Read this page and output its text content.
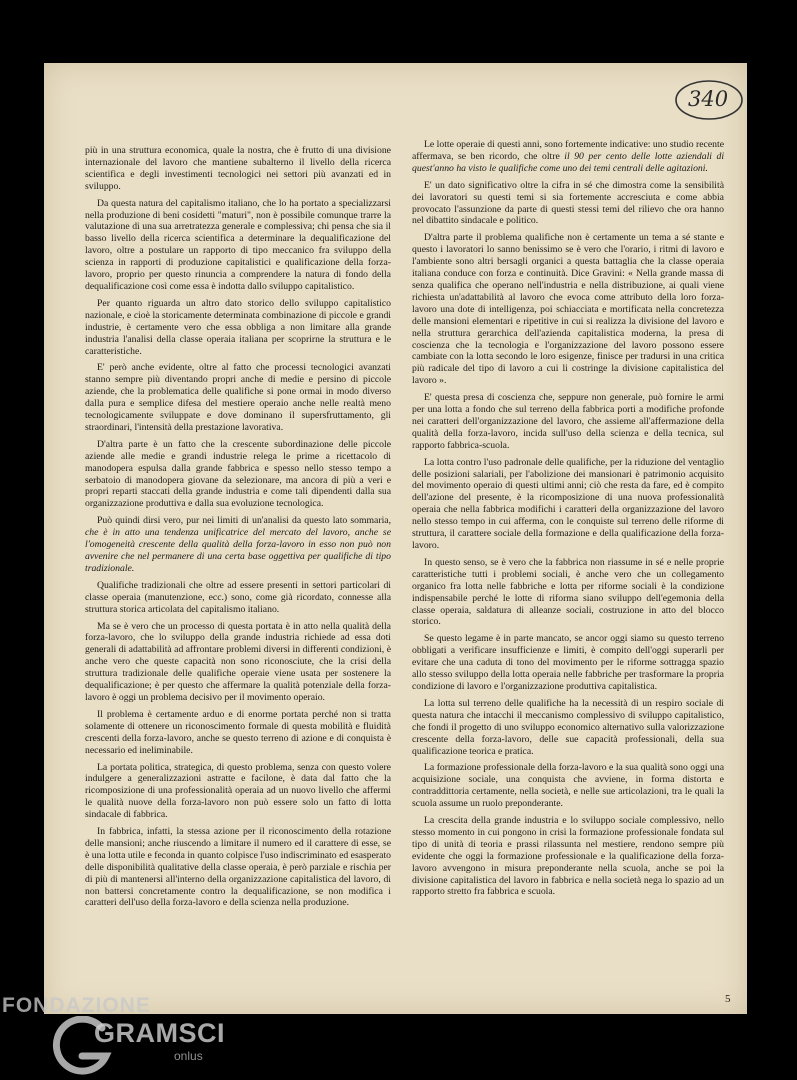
340

più in una struttura economica, quale la nostra, che è frutto di una divisione internazionale del lavoro che mantiene subalterno il livello della ricerca scientifica e degli investimenti tecnologici nei settori più avanzati ed in sviluppo.

Da questa natura del capitalismo italiano, che lo ha portato a specializzarsi nella produzione di beni cosidetti "maturi", non è possibile comunque trarre la valutazione di una sua arretratezza generale e complessiva; chi pensa che sia il basso livello della ricerca scientifica a determinare la dequalificazione del lavoro, oltre a postulare un rapporto di tipo meccanico fra sviluppo della scienza in rapporti di produzione capitalistici e qualificazione della forza-lavoro, proprio per questo rinuncia a comprendere la natura di fondo della dequalificazione così come essa è indotta dallo sviluppo capitalistico.

Per quanto riguarda un altro dato storico dello sviluppo capitalistico nazionale, e cioè la storicamente determinata combinazione di piccole e grandi industrie, è certamente vero che essa obbliga a non limitare alla grande industria l'analisi della classe operaia italiana per scoprirne la struttura e le caratteristiche.

E' però anche evidente, oltre al fatto che processi tecnologici avanzati stanno sempre più diventando propri anche di medie e persino di piccole aziende, che la problematica delle qualifiche si pone ormai in modo diverso dalla pura e semplice difesa del mestiere operaio anche nelle realtà meno tecnologicamente sviluppate e dove dominano il supersfruttamento, gli straordinari, l'intensità della prestazione lavorativa.

D'altra parte è un fatto che la crescente subordinazione delle piccole aziende alle medie e grandi industrie relega le prime a ricettacolo di manodopera espulsa dalla grande fabbrica e spesso nello stesso tempo a serbatoio di manodopera giovane da selezionare, ma ancora di più a veri e propri reparti staccati della grande industria e come tali dipendenti dalla sua organizzazione produttiva e dalla sua evoluzione tecnologica.

Può quindi dirsi vero, pur nei limiti di un'analisi da questo lato sommaria, che è in atto una tendenza unificatrice del mercato del lavoro, anche se l'omogeneità crescente della qualità della forza-lavoro in esso non può non avvenire che nel permanere di una certa base oggettiva per qualifiche di tipo tradizionale.

Qualifiche tradizionali che oltre ad essere presenti in settori particolari di classe operaia (manutenzione, ecc.) sono, come già ricordato, connesse alla struttura storica articolata del capitalismo italiano.

Ma se è vero che un processo di questa portata è in atto nella qualità della forza-lavoro, che lo sviluppo della grande industria richiede ad essa doti generali di adattabilità ad affrontare problemi diversi in differenti condizioni, è anche vero che queste capacità non sono riconosciute, che la crisi della struttura tradizionale delle qualifiche operaie viene usata per sostenere la dequalificazione; è per questo che affermare la qualità potenziale della forza-lavoro è oggi un problema decisivo per il movimento operaio.

Il problema è certamente arduo e di enorme portata perché non si tratta solamente di ottenere un riconoscimento formale di questa mobilità e fluidità crescenti della forza-lavoro, anche se questo terreno di azione e di conquista è necessario ed ineliminabile.

La portata politica, strategica, di questo problema, senza con questo volere indulgere a generalizzazioni astratte e facilone, è data dal fatto che la ricomposizione di una professionalità operaia ad un nuovo livello che affermi le qualità nuove della forza-lavoro non può essere solo un fatto di lotta sindacale di fabbrica.

In fabbrica, infatti, la stessa azione per il riconoscimento della rotazione delle mansioni; anche riuscendo a limitare il numero ed il carattere di esse, se è una lotta utile e feconda in quanto colpisce l'uso indiscriminato ed esasperato delle disponibilità qualitative della classe operaia, è però parziale e rischia per di più di mantenersi all'interno della organizzazione capitalistica del lavoro, di non battersi concretamente contro la dequalificazione, se non modifica i caratteri dell'uso della forza-lavoro e della scienza nella produzione.

Le lotte operaie di questi anni, sono fortemente indicative: uno studio recente affermava, se ben ricordo, che oltre il 90 per cento delle lotte aziendali di quest'anno ha visto le qualifiche come uno dei temi centrali delle agitazioni.

E' un dato significativo oltre la cifra in sé che dimostra come la sensibilità dei lavoratori su questi temi si sia fortemente accresciuta e come abbia provocato l'assunzione da parte di questi stessi temi del rilievo che ora hanno nel dibattito sindacale e politico.

D'altra parte il problema qualifiche non è certamente un tema a sé stante e questo i lavoratori lo sanno benissimo se è vero che l'orario, i ritmi di lavoro e l'ambiente sono altri bersagli organici a questa battaglia che la classe operaia italiana conduce con forza e continuità. Dice Gravini: « Nella grande massa di senza qualifica che operano nell'industria e nella distribuzione, ai quali viene richiesta un'adattabilità al lavoro che evoca come attributo della loro forza-lavoro una dote di intelligenza, poi schiacciata e mortificata nella concretezza delle mansioni elementari e ripetitive in cui si realizza la divisione del lavoro e nella struttura gerarchica dell'azienda capitalistica moderna, la presa di coscienza che la tecnologia e l'organizzazione del lavoro possono essere cambiate con la lotta secondo le loro esigenze, finisce per tradursi in una critica più radicale del tipo di lavoro a cui li costringe la divisione capitalistica del lavoro ».

E' questa presa di coscienza che, seppure non generale, può fornire le armi per una lotta a fondo che sul terreno della fabbrica porti a modifiche profonde nei caratteri dell'organizzazione del lavoro, che assieme all'affermazione della qualità della forza-lavoro, incida sull'uso della scienza e della tecnica, sul rapporto fabbrica-scuola.

La lotta contro l'uso padronale delle qualifiche, per la riduzione del ventaglio delle posizioni salariali, per l'abolizione dei mansionari è patrimonio acquisito del movimento operaio di questi ultimi anni; ciò che resta da fare, ed è compito dell'azione del presente, è la ricomposizione di una nuova professionalità operaia che nella fabbrica modifichi i caratteri della organizzazione del lavoro nello stesso tempo in cui afferma, con le conquiste sul terreno delle riforme di struttura, il carattere sociale della formazione e della qualificazione della forza-lavoro.

In questo senso, se è vero che la fabbrica non riassume in sé e nelle proprie caratteristiche tutti i problemi sociali, è anche vero che un collegamento organico fra lotta nelle fabbriche e lotta per riforme sociali è la condizione indispensabile perché le lotte di riforma siano sviluppo dell'egemonia della classe operaia, saldatura di alleanze sociali, costruzione in atto del blocco storico.

Se questo legame è in parte mancato, se ancor oggi siamo su questo terreno obbligati a verificare insufficienze e limiti, è compito dell'oggi superarli per evitare che una caduta di tono del movimento per le riforme sottragga spazio allo stesso sviluppo della lotta operaia nelle fabbriche per trasformare la propria condizione di lavoro e l'organizzazione produttiva capitalistica.

La lotta sul terreno delle qualifiche ha la necessità di un respiro sociale di questa natura che intacchi il meccanismo complessivo di sviluppo capitalistico, che fondi il progetto di uno sviluppo economico alternativo sulla valorizzazione crescente della forza-lavoro, delle sue capacità professionali, della sua qualificazione teorica e pratica.

La formazione professionale della forza-lavoro e la sua qualità sono oggi una acquisizione sociale, una conquista che avviene, in forma distorta e contraddittoria certamente, nella società, e nelle sue articolazioni, tra le quali la scuola assume un ruolo preponderante.

La crescita della grande industria e lo sviluppo sociale complessivo, nello stesso momento in cui pongono in crisi la formazione professionale fondata sul tipo di unità di teoria e prassi rilassunta nel mestiere, rendono sempre più evidente che oggi la formazione professionale e la qualificazione della forza-lavoro avvengono in misura preponderante nella scuola, anche se poi la divisione capitalistica del lavoro in fabbrica e nella società nega lo spazio ad un rapporto stretto fra fabbrica e scuola.

5
FONDAZIONE
GRAMSCI
onlus
